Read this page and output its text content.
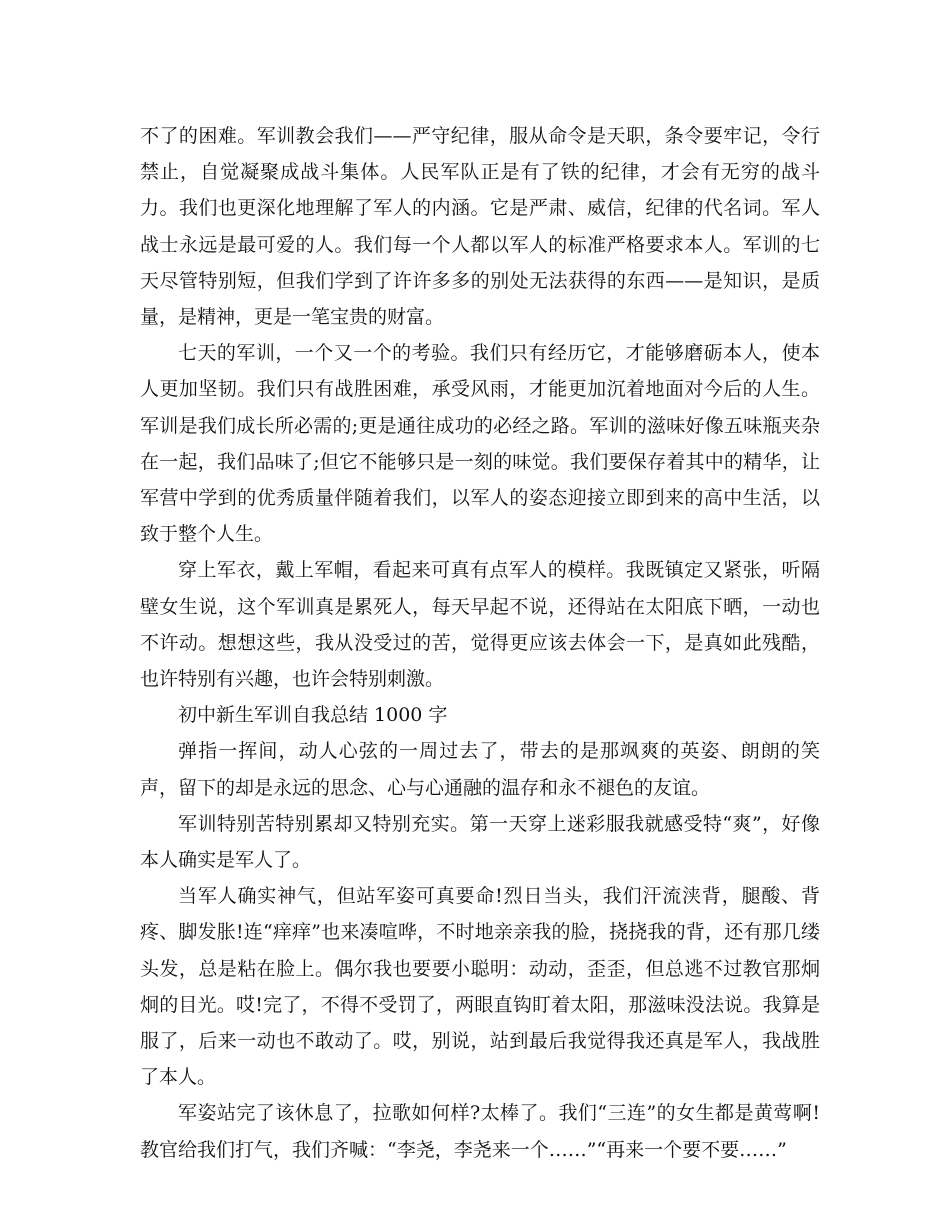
不了的困难。军训教会我们——严守纪律，服从命令是天职，条令要牢记，令行禁止，自觉凝聚成战斗集体。人民军队正是有了铁的纪律，才会有无穷的战斗力。我们也更深化地理解了军人的内涵。它是严肃、威信，纪律的代名词。军人战士永远是最可爱的人。我们每一个人都以军人的标准严格要求本人。军训的七天尽管特别短，但我们学到了许许多多的别处无法获得的东西——是知识，是质量，是精神，更是一笔宝贵的财富。

七天的军训，一个又一个的考验。我们只有经历它，才能够磨砺本人，使本人更加坚韧。我们只有战胜困难，承受风雨，才能更加沉着地面对今后的人生。军训是我们成长所必需的;更是通往成功的必经之路。军训的滋味好像五味瓶夹杂在一起，我们品味了;但它不能够只是一刻的味觉。我们要保存着其中的精华，让军营中学到的优秀质量伴随着我们，以军人的姿态迎接立即到来的高中生活，以致于整个人生。

穿上军衣，戴上军帽，看起来可真有点军人的模样。我既镇定又紧张，听隔壁女生说，这个军训真是累死人，每天早起不说，还得站在太阳底下晒，一动也不许动。想想这些，我从没受过的苦，觉得更应该去体会一下，是真如此残酷，也许特别有兴趣，也许会特别刺激。

初中新生军训自我总结 1000 字

弹指一挥间，动人心弦的一周过去了，带去的是那飒爽的英姿、朗朗的笑声，留下的却是永远的思念、心与心通融的温存和永不褪色的友谊。

军训特别苦特别累却又特别充实。第一天穿上迷彩服我就感受特“爽”，好像本人确实是军人了。

当军人确实神气，但站军姿可真要命!烈日当头，我们汗流浃背，腿酸、背疼、脚发胀!连“痒痒”也来凑喧哗，不时地亲亲我的脸，挠挠我的背，还有那几缕头发，总是粘在脸上。偶尔我也要要小聪明：动动，歪歪，但总逃不过教官那炯炯的目光。哎!完了，不得不受罚了，两眼直钩盯着太阳，那滋味没法说。我算是服了，后来一动也不敢动了。哎，别说，站到最后我觉得我还真是军人，我战胜了本人。

军姿站完了该休息了，拉歌如何样?太棒了。我们“三连”的女生都是黄莺啊!教官给我们打气，我们齐喊：“李尧，李尧来一个……”“再来一个要不要……”
